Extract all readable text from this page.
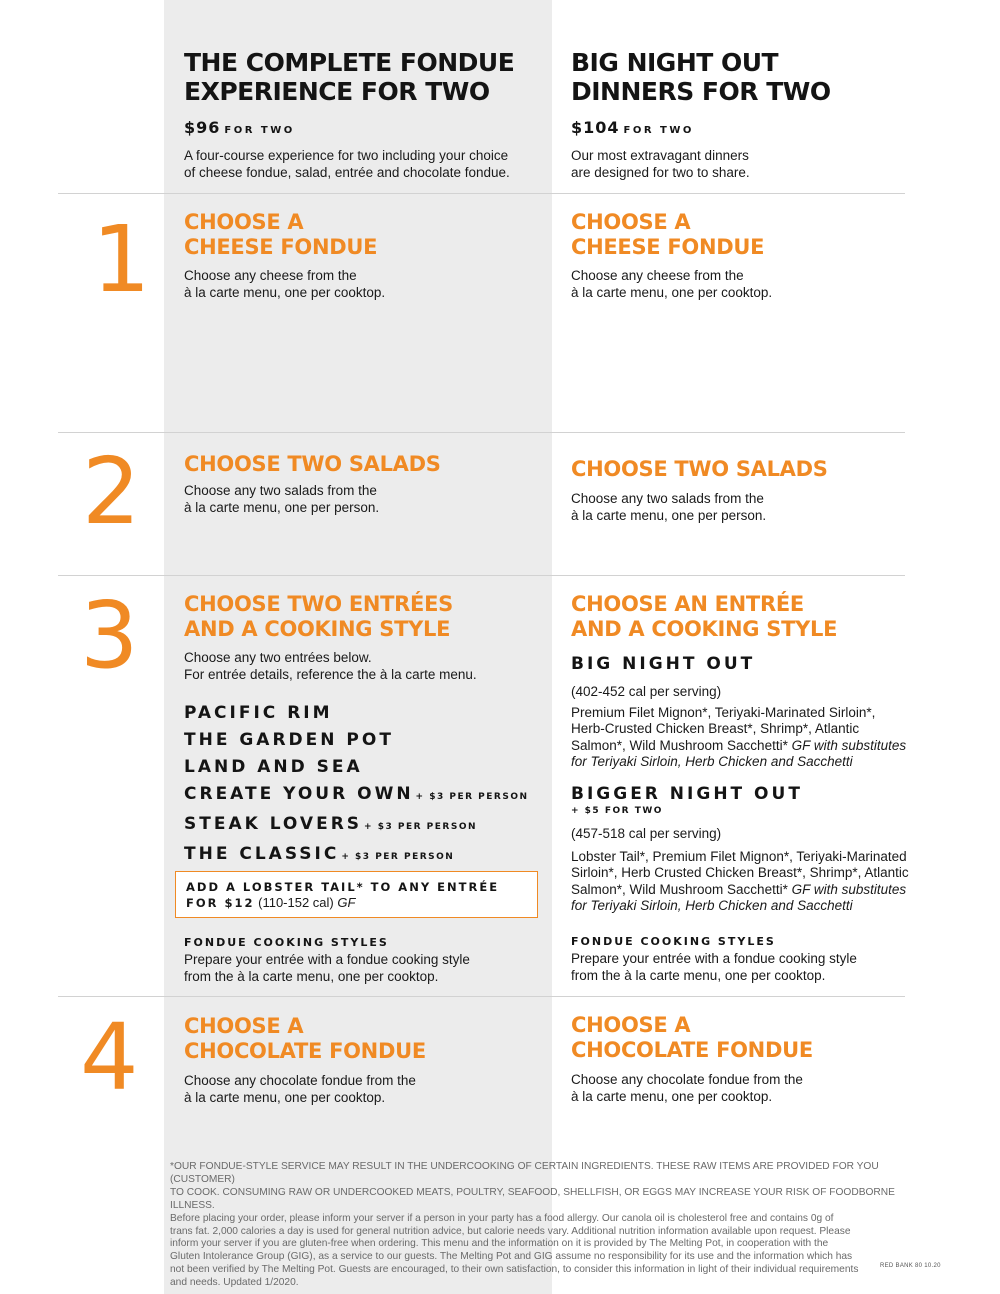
THE COMPLETE FONDUE
EXPERIENCE FOR TWO
$96 FOR TWO
A four-course experience for two including your choice
of cheese fondue, salad, entrée and chocolate fondue.
BIG NIGHT OUT
DINNERS FOR TWO
$104 FOR TWO
Our most extravagant dinners
are designed for two to share.
1 CHOOSE A
CHEESE FONDUE
Choose any cheese from the
à la carte menu, one per cooktop.
CHOOSE A
CHEESE FONDUE
Choose any cheese from the
à la carte menu, one per cooktop.
2 CHOOSE TWO SALADS
Choose any two salads from the
à la carte menu, one per person.
CHOOSE TWO SALADS
Choose any two salads from the
à la carte menu, one per person.
3 CHOOSE TWO ENTRÉES
AND A COOKING STYLE
Choose any two entrées below.
For entrée details, reference the à la carte menu.
PACIFIC RIM
THE GARDEN POT
LAND AND SEA
CREATE YOUR OWN + $3 PER PERSON
STEAK LOVERS + $3 PER PERSON
THE CLASSIC + $3 PER PERSON
ADD A LOBSTER TAIL* TO ANY ENTRÉE
FOR $12 (110-152 cal) GF
FONDUE COOKING STYLES
Prepare your entrée with a fondue cooking style
from the à la carte menu, one per cooktop.
CHOOSE AN ENTRÉE
AND A COOKING STYLE
BIG NIGHT OUT
(402-452 cal per serving)
Premium Filet Mignon*, Teriyaki-Marinated Sirloin*,
Herb-Crusted Chicken Breast*, Shrimp*, Atlantic
Salmon*, Wild Mushroom Sacchetti* GF with substitutes
for Teriyaki Sirloin, Herb Chicken and Sacchetti
BIGGER NIGHT OUT
+ $5 FOR TWO
(457-518 cal per serving)
Lobster Tail*, Premium Filet Mignon*, Teriyaki-Marinated
Sirloin*, Herb Crusted Chicken Breast*, Shrimp*, Atlantic
Salmon*, Wild Mushroom Sacchetti* GF with substitutes
for Teriyaki Sirloin, Herb Chicken and Sacchetti
FONDUE COOKING STYLES
Prepare your entrée with a fondue cooking style
from the à la carte menu, one per cooktop.
4 CHOOSE A
CHOCOLATE FONDUE
Choose any chocolate fondue from the
à la carte menu, one per cooktop.
CHOOSE A
CHOCOLATE FONDUE
Choose any chocolate fondue from the
à la carte menu, one per cooktop.
*OUR FONDUE-STYLE SERVICE MAY RESULT IN THE UNDERCOOKING OF CERTAIN INGREDIENTS. THESE RAW ITEMS ARE PROVIDED FOR YOU (CUSTOMER)
TO COOK. CONSUMING RAW OR UNDERCOOKED MEATS, POULTRY, SEAFOOD, SHELLFISH, OR EGGS MAY INCREASE YOUR RISK OF FOODBORNE ILLNESS.
Before placing your order, please inform your server if a person in your party has a food allergy. Our canola oil is cholesterol free and contains 0g of
trans fat. 2,000 calories a day is used for general nutrition advice, but calorie needs vary. Additional nutrition information available upon request. Please
inform your server if you are gluten-free when ordering. This menu and the information on it is provided by The Melting Pot, in cooperation with the
Gluten Intolerance Group (GIG), as a service to our guests. The Melting Pot and GIG assume no responsibility for its use and the information which has
not been verified by The Melting Pot. Guests are encouraged, to their own satisfaction, to consider this information in light of their individual requirements
and needs. Updated 1/2020.
RED BANK 80 10.20
